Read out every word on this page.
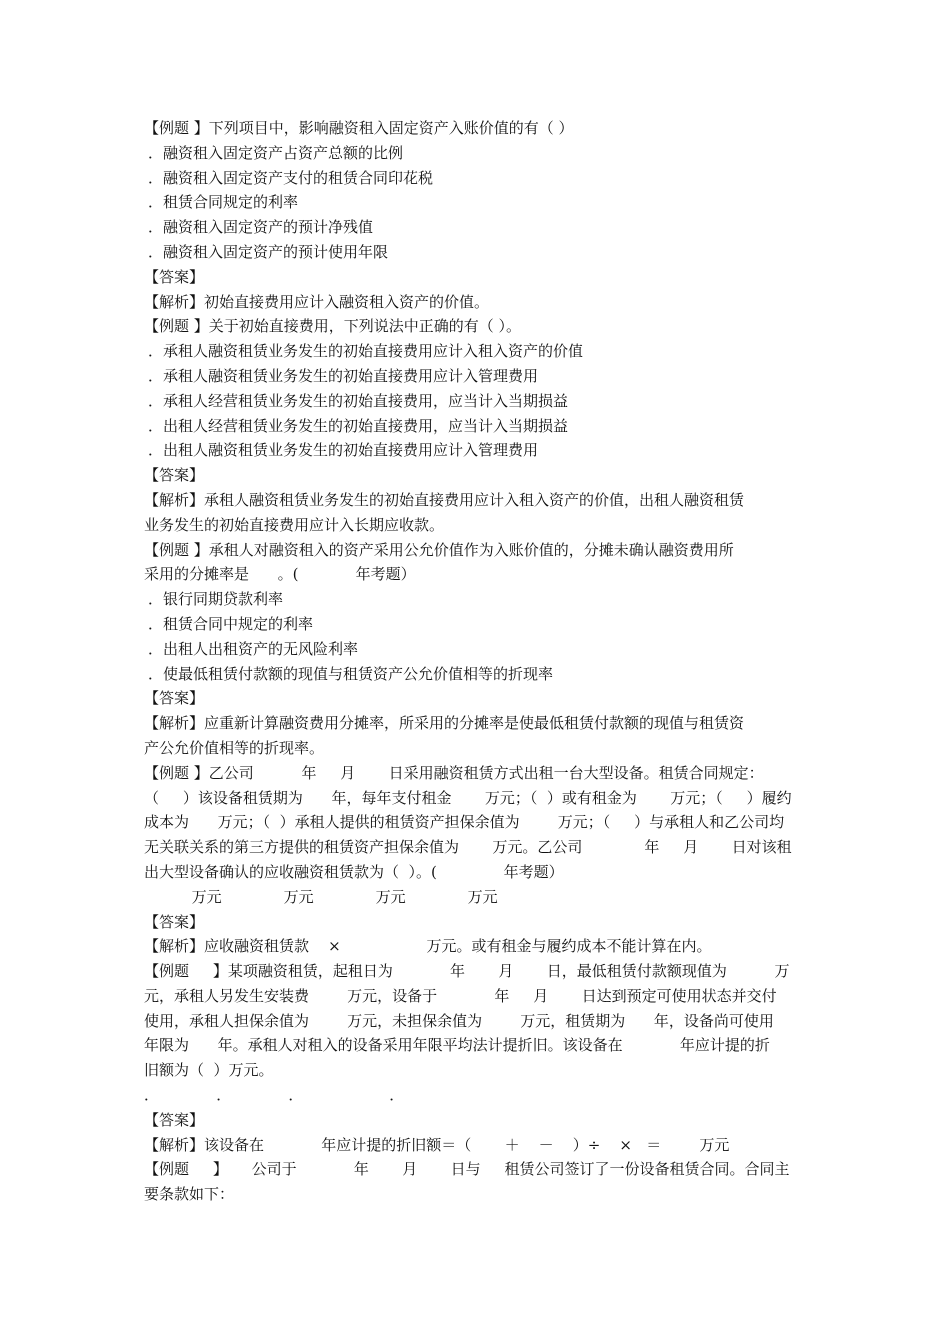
【例题 】下列项目中，影响融资租入固定资产入账价值的有（ ）
．融资租入固定资产占资产总额的比例
．融资租入固定资产支付的租赁合同印花税
．租赁合同规定的利率
．融资租入固定资产的预计净残值
．融资租入固定资产的预计使用年限
【答案】
【解析】初始直接费用应计入融资租入资产的价值。
【例题 】关于初始直接费用，下列说法中正确的有（ ）。
．承租人融资租赁业务发生的初始直接费用应计入租入资产的价值
．承租人融资租赁业务发生的初始直接费用应计入管理费用
．承租人经营租赁业务发生的初始直接费用，应当计入当期损益
．出租人经营租赁业务发生的初始直接费用，应当计入当期损益
．出租人融资租赁业务发生的初始直接费用应计入管理费用
【答案】
【解析】承租人融资租赁业务发生的初始直接费用应计入租入资产的价值，出租人融资租赁
业务发生的初始直接费用应计入长期应收款。
【例题 】承租人对融资租入的资产采用公允价值作为入账价值的，分摊未确认融资费用所
采用的分摊率是      。(            年考题）
．银行同期贷款利率
．租赁合同中规定的利率
．出租人出租资产的无风险利率
．使最低租赁付款额的现值与租赁资产公允价值相等的折现率
【答案】
【解析】应重新计算融资费用分摊率，所采用的分摊率是使最低租赁付款额的现值与租赁资
产公允价值相等的折现率。
【例题 】乙公司          年     月       日采用融资租赁方式出租一台大型设备。租赁合同规定：
（     ）该设备租赁期为      年，每年支付租金       万元；（  ）或有租金为       万元；（     ）履约
成本为      万元；（  ）承租人提供的租赁资产担保余值为        万元；（     ）与承租人和乙公司均
无关联关系的第三方提供的租赁资产担保余值为       万元。乙公司             年     月       日对该租
出大型设备确认的应收融资租赁款为（  ）。(              年考题）
万元             万元             万元             万元
【答案】
【解析】应收融资租赁款    ×                  万元。或有租金与履约成本不能计算在内。
【例题     】某项融资租赁，起租日为            年       月       日，最低租赁付款额现值为          万
元，承租人另发生安装费        万元，设备于            年     月       日达到预定可使用状态并交付
使用，承租人担保余值为        万元，未担保余值为        万元，租赁期为      年，设备尚可使用
年限为      年。承租人对租入的设备采用年限平均法计提折旧。该设备在            年应计提的折
旧额为（  ）万元。
．            ．            ．                  ．
【答案】
【解析】该设备在            年应计提的折旧额＝（       ＋    －    ）÷    ×   ＝        万元
【例题     】     公司于            年       月       日与     租赁公司签订了一份设备租赁合同。合同主
要条款如下：
